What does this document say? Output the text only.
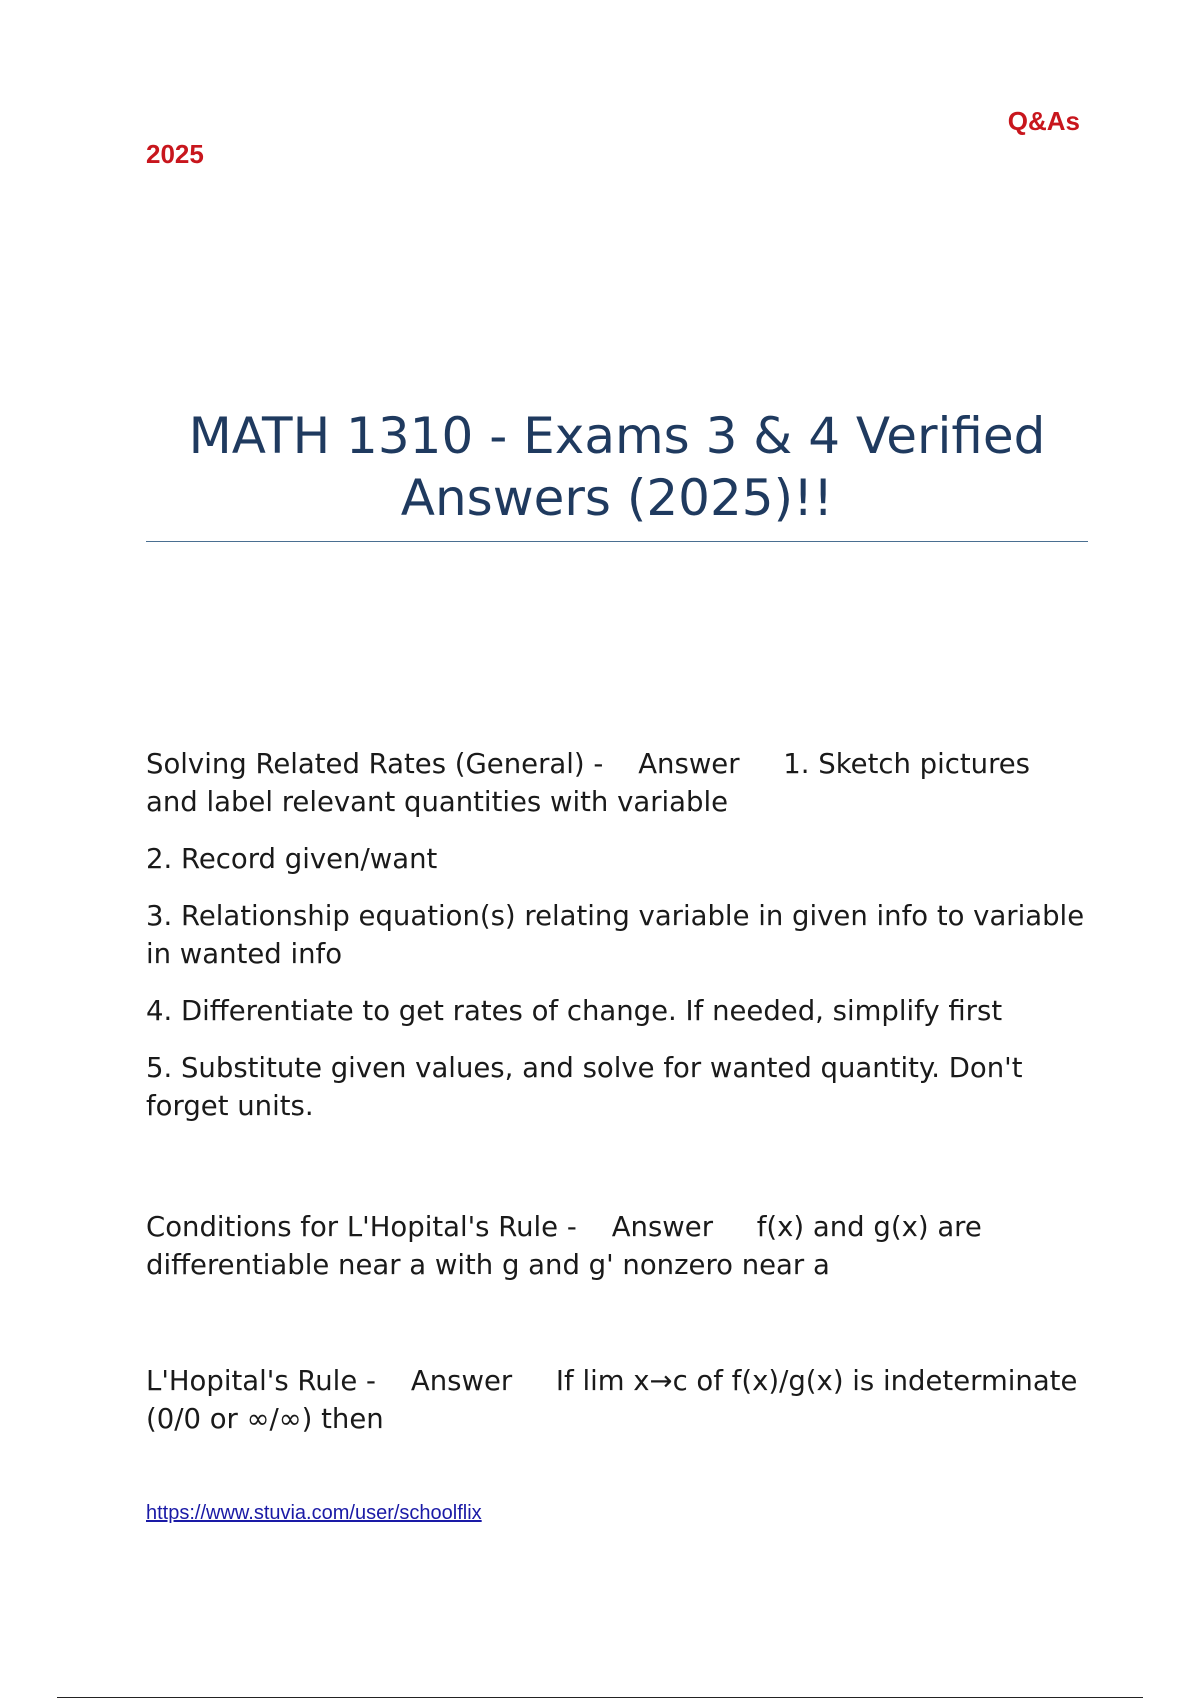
Q&As
2025
MATH 1310 - Exams 3 & 4 Verified
Answers (2025)!!

Solving Related Rates (General) - Answer 1. Sketch pictures and label relevant quantities with variable

2. Record given/want

3. Relationship equation(s) relating variable in given info to variable in wanted info

4. Differentiate to get rates of change. If needed, simplify first

5. Substitute given values, and solve for wanted quantity. Don't forget units.

Conditions for L'Hopital's Rule - Answer f(x) and g(x) are differentiable near a with g and g' nonzero near a

L'Hopital's Rule - Answer If lim x→c of f(x)/g(x) is indeterminate (0/0 or ∞/∞) then

https://www.stuvia.com/user/schoolflix
